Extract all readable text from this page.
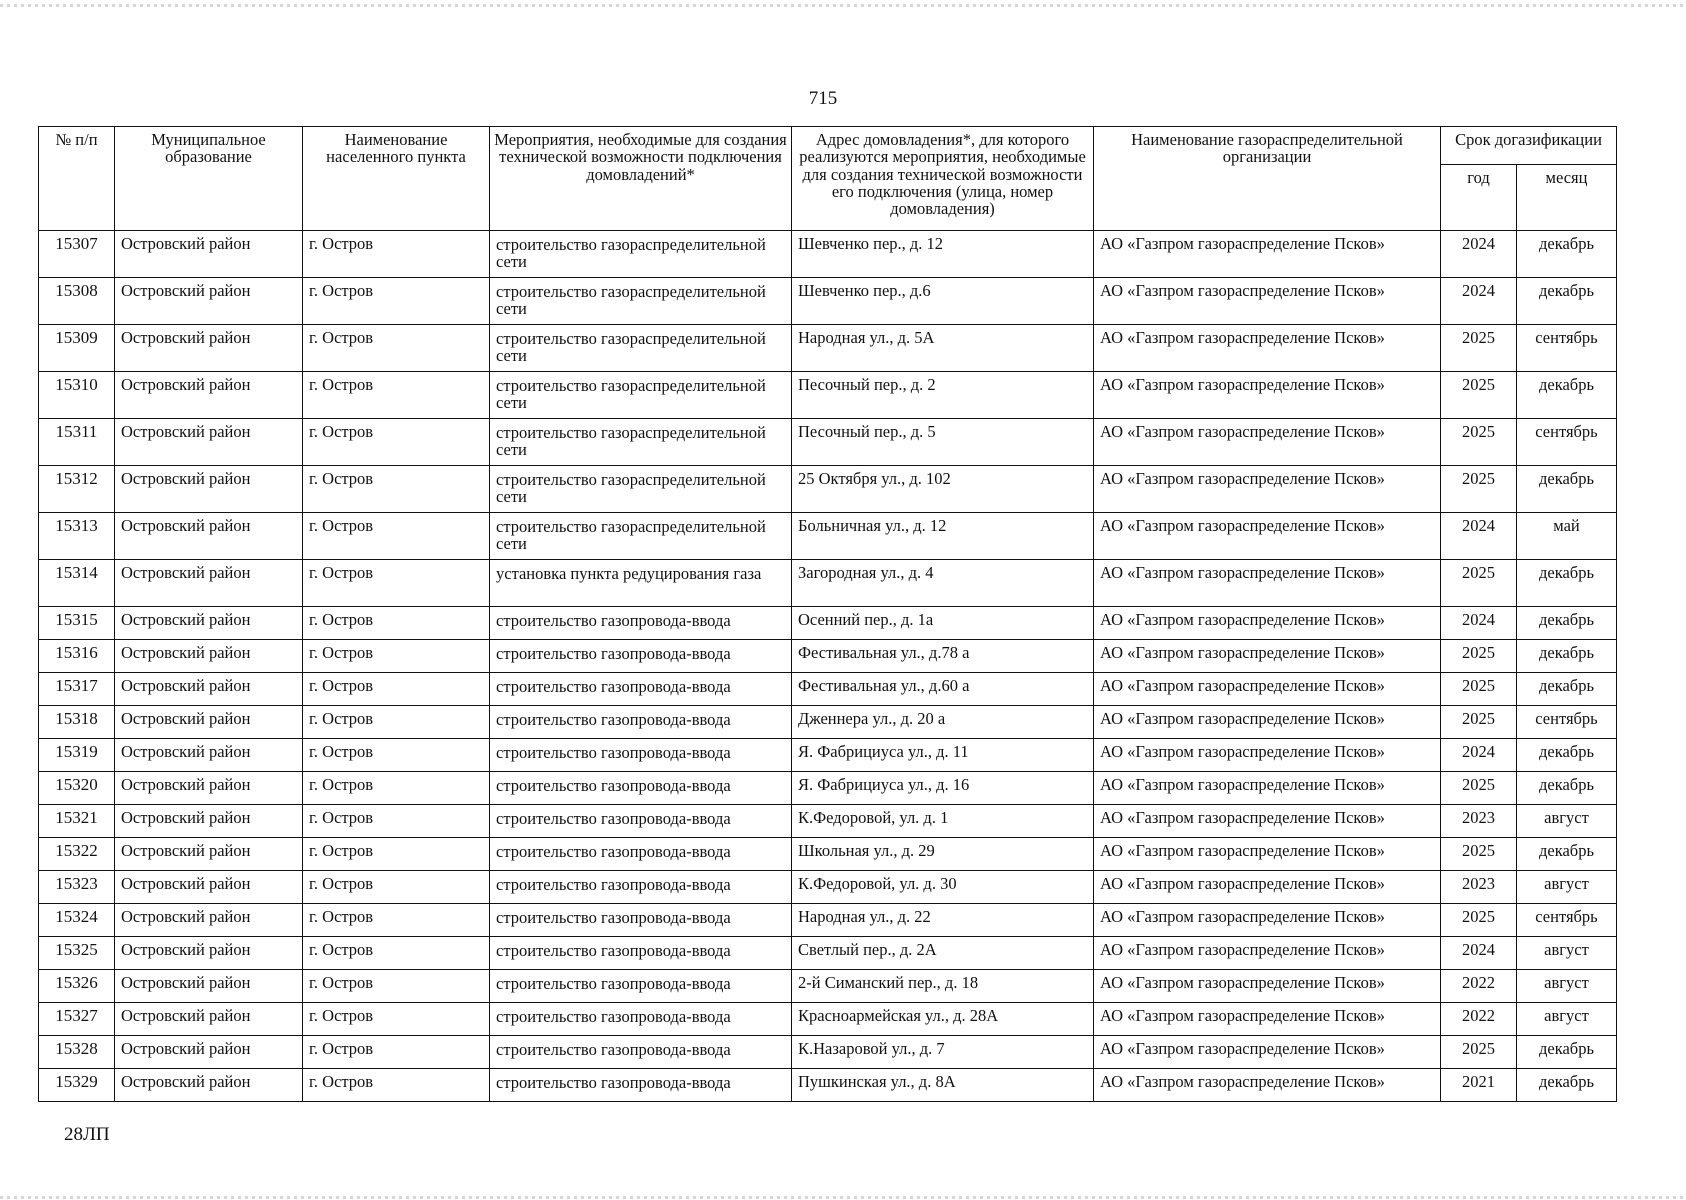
715
№ п/п	Муниципальное образование	Наименование населенного пункта	Мероприятия, необходимые для создания технической возможности подключения домовладений*	Адрес домовладения*, для которого реализуются мероприятия, необходимые для создания технической возможности его подключения (улица, номер домовладения)	Наименование газораспределительной организации	Срок догазификации	
						год	месяц
15307	Островский район	г. Остров	строительство газораспределительной сети	Шевченко пер., д. 12	АО «Газпром газораспределение Псков»	2024	декабрь
15308	Островский район	г. Остров	строительство газораспределительной сети	Шевченко пер., д.6	АО «Газпром газораспределение Псков»	2024	декабрь
15309	Островский район	г. Остров	строительство газораспределительной сети	Народная ул., д. 5А	АО «Газпром газораспределение Псков»	2025	сентябрь
15310	Островский район	г. Остров	строительство газораспределительной сети	Песочный пер., д. 2	АО «Газпром газораспределение Псков»	2025	декабрь
15311	Островский район	г. Остров	строительство газораспределительной сети	Песочный пер., д. 5	АО «Газпром газораспределение Псков»	2025	сентябрь
15312	Островский район	г. Остров	строительство газораспределительной сети	25 Октября ул., д. 102	АО «Газпром газораспределение Псков»	2025	декабрь
15313	Островский район	г. Остров	строительство газораспределительной сети	Больничная ул., д. 12	АО «Газпром газораспределение Псков»	2024	май
15314	Островский район	г. Остров	установка пункта редуцирования газа	Загородная ул., д. 4	АО «Газпром газораспределение Псков»	2025	декабрь
15315	Островский район	г. Остров	строительство газопровода-ввода	Осенний пер., д. 1а	АО «Газпром газораспределение Псков»	2024	декабрь
15316	Островский район	г. Остров	строительство газопровода-ввода	Фестивальная ул., д.78 а	АО «Газпром газораспределение Псков»	2025	декабрь
15317	Островский район	г. Остров	строительство газопровода-ввода	Фестивальная ул., д.60 а	АО «Газпром газораспределение Псков»	2025	декабрь
15318	Островский район	г. Остров	строительство газопровода-ввода	Дженнера ул., д. 20 а	АО «Газпром газораспределение Псков»	2025	сентябрь
15319	Островский район	г. Остров	строительство газопровода-ввода	Я. Фабрициуса ул., д. 11	АО «Газпром газораспределение Псков»	2024	декабрь
15320	Островский район	г. Остров	строительство газопровода-ввода	Я. Фабрициуса ул., д. 16	АО «Газпром газораспределение Псков»	2025	декабрь
15321	Островский район	г. Остров	строительство газопровода-ввода	К.Федоровой, ул. д. 1	АО «Газпром газораспределение Псков»	2023	август
15322	Островский район	г. Остров	строительство газопровода-ввода	Школьная ул., д. 29	АО «Газпром газораспределение Псков»	2025	декабрь
15323	Островский район	г. Остров	строительство газопровода-ввода	К.Федоровой, ул. д. 30	АО «Газпром газораспределение Псков»	2023	август
15324	Островский район	г. Остров	строительство газопровода-ввода	Народная ул., д. 22	АО «Газпром газораспределение Псков»	2025	сентябрь
15325	Островский район	г. Остров	строительство газопровода-ввода	Светлый пер., д. 2А	АО «Газпром газораспределение Псков»	2024	август
15326	Островский район	г. Остров	строительство газопровода-ввода	2-й Симанский пер., д. 18	АО «Газпром газораспределение Псков»	2022	август
15327	Островский район	г. Остров	строительство газопровода-ввода	Красноармейская ул., д. 28А	АО «Газпром газораспределение Псков»	2022	август
15328	Островский район	г. Остров	строительство газопровода-ввода	К.Назаровой ул., д. 7	АО «Газпром газораспределение Псков»	2025	декабрь
15329	Островский район	г. Остров	строительство газопровода-ввода	Пушкинская ул., д. 8А	АО «Газпром газораспределение Псков»	2021	декабрь
28ЛП
